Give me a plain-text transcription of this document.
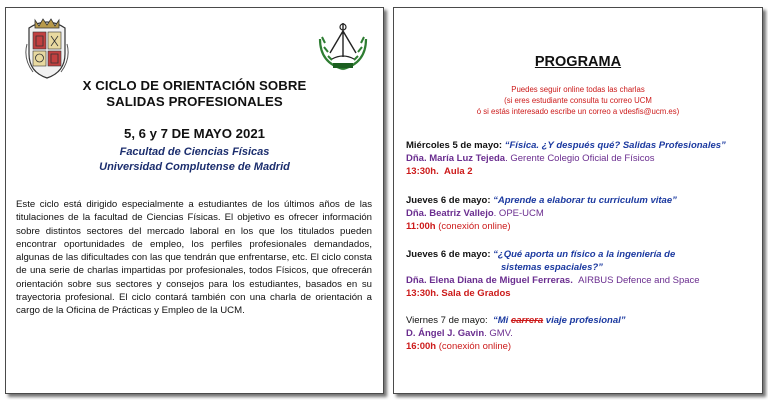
X CICLO DE ORIENTACIÓN SOBRE
SALIDAS PROFESIONALES
5, 6 y 7 DE MAYO 2021
Facultad de Ciencias Físicas
Universidad Complutense de Madrid

Este ciclo está dirigido especialmente a estudiantes de los últimos años de las titulaciones de la facultad de Ciencias Físicas. El objetivo es ofrecer información sobre distintos sectores del mercado laboral en los que los titulados pueden encontrar oportunidades de empleo, los perfiles profesionales demandados, algunas de las dificultades con las que tendrán que enfrentarse, etc. El ciclo consta de una serie de charlas impartidas por profesionales, todos Físicos, que ofrecerán orientación sobre sus sectores y consejos para los estudiantes, basados en su trayectoria profesional. El ciclo contará también con una charla de orientación a cargo de la Oficina de Prácticas y Empleo de la UCM.

PROGRAMA
Puedes seguir online todas las charlas
(si eres estudiante consulta tu correo UCM
ó si estás interesado escribe un correo a vdesfis@ucm.es)
Miércoles 5 de mayo: “Física. ¿Y después qué? Salidas Profesionales”
Dña. María Luz Tejeda. Gerente Colegio Oficial de Físicos
13:30h. Aula 2
Jueves 6 de mayo: “Aprende a elaborar tu curriculum vitae”
Dña. Beatriz Vallejo. OPE-UCM
11:00h (conexión online)
Jueves 6 de mayo: “¿Qué aporta un físico a la ingeniería de
sistemas espaciales?”
Dña. Elena Diana de Miguel Ferreras. AIRBUS Defence and Space
13:30h. Sala de Grados
Viernes 7 de mayo: “Mi carrera viaje profesional”
D. Ángel J. Gavin. GMV.
16:00h (conexión online)
